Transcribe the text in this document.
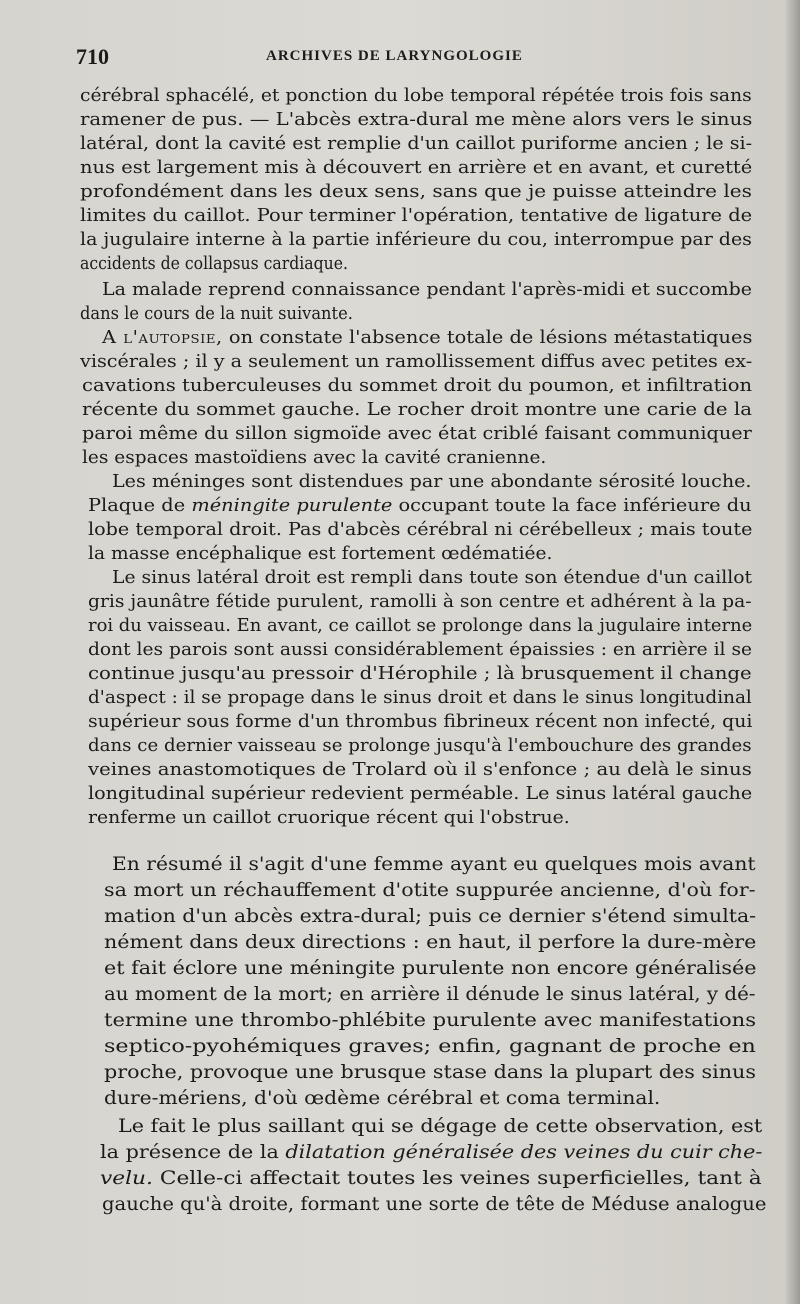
710	ARCHIVES DE LARYNGOLOGIE
cérébral sphacélé, et ponction du lobe temporal répétée trois fois sans
ramener de pus. — L'abcès extra-dural me mène alors vers le sinus
latéral, dont la cavité est remplie d'un caillot puriforme ancien ; le si-
nus est largement mis à découvert en arrière et en avant, et curetté
profondément dans les deux sens, sans que je puisse atteindre les
limites du caillot. Pour terminer l'opération, tentative de ligature de
la jugulaire interne à la partie inférieure du cou, interrompue par des
accidents de collapsus cardiaque.
La malade reprend connaissance pendant l'après-midi et succombe
dans le cours de la nuit suivante.
A l'autopsie, on constate l'absence totale de lésions métastatiques
viscérales ; il y a seulement un ramollissement diffus avec petites ex-
cavations tuberculeuses du sommet droit du poumon, et infiltration
récente du sommet gauche. Le rocher droit montre une carie de la
paroi même du sillon sigmoïde avec état criblé faisant communiquer
les espaces mastoïdiens avec la cavité cranienne.
Les méninges sont distendues par une abondante sérosité louche.
Plaque de méningite purulente occupant toute la face inférieure du
lobe temporal droit. Pas d'abcès cérébral ni cérébelleux ; mais toute
la masse encéphalique est fortement œdématiée.
Le sinus latéral droit est rempli dans toute son étendue d'un caillot
gris jaunâtre fétide purulent, ramolli à son centre et adhérent à la pa-
roi du vaisseau. En avant, ce caillot se prolonge dans la jugulaire interne
dont les parois sont aussi considérablement épaissies : en arrière il se
continue jusqu'au pressoir d'Hérophile ; là brusquement il change
d'aspect : il se propage dans le sinus droit et dans le sinus longitudinal
supérieur sous forme d'un thrombus fibrineux récent non infecté, qui
dans ce dernier vaisseau se prolonge jusqu'à l'embouchure des grandes
veines anastomotiques de Trolard où il s'enfonce ; au delà le sinus
longitudinal supérieur redevient perméable. Le sinus latéral gauche
renferme un caillot cruorique récent qui l'obstrue.
En résumé il s'agit d'une femme ayant eu quelques mois avant
sa mort un réchauffement d'otite suppurée ancienne, d'où for-
mation d'un abcès extra-dural; puis ce dernier s'étend simulta-
nément dans deux directions : en haut, il perfore la dure-mère
et fait éclore une méningite purulente non encore généralisée
au moment de la mort; en arrière il dénude le sinus latéral, y dé-
termine une thrombo-phlébite purulente avec manifestations
septico-pyohémiques graves; enfin, gagnant de proche en
proche, provoque une brusque stase dans la plupart des sinus
dure-mériens, d'où œdème cérébral et coma terminal.
Le fait le plus saillant qui se dégage de cette observation, est
la présence de la dilatation généralisée des veines du cuir che-
velu. Celle-ci affectait toutes les veines superficielles, tant à
gauche qu'à droite, formant une sorte de tête de Méduse analogue
